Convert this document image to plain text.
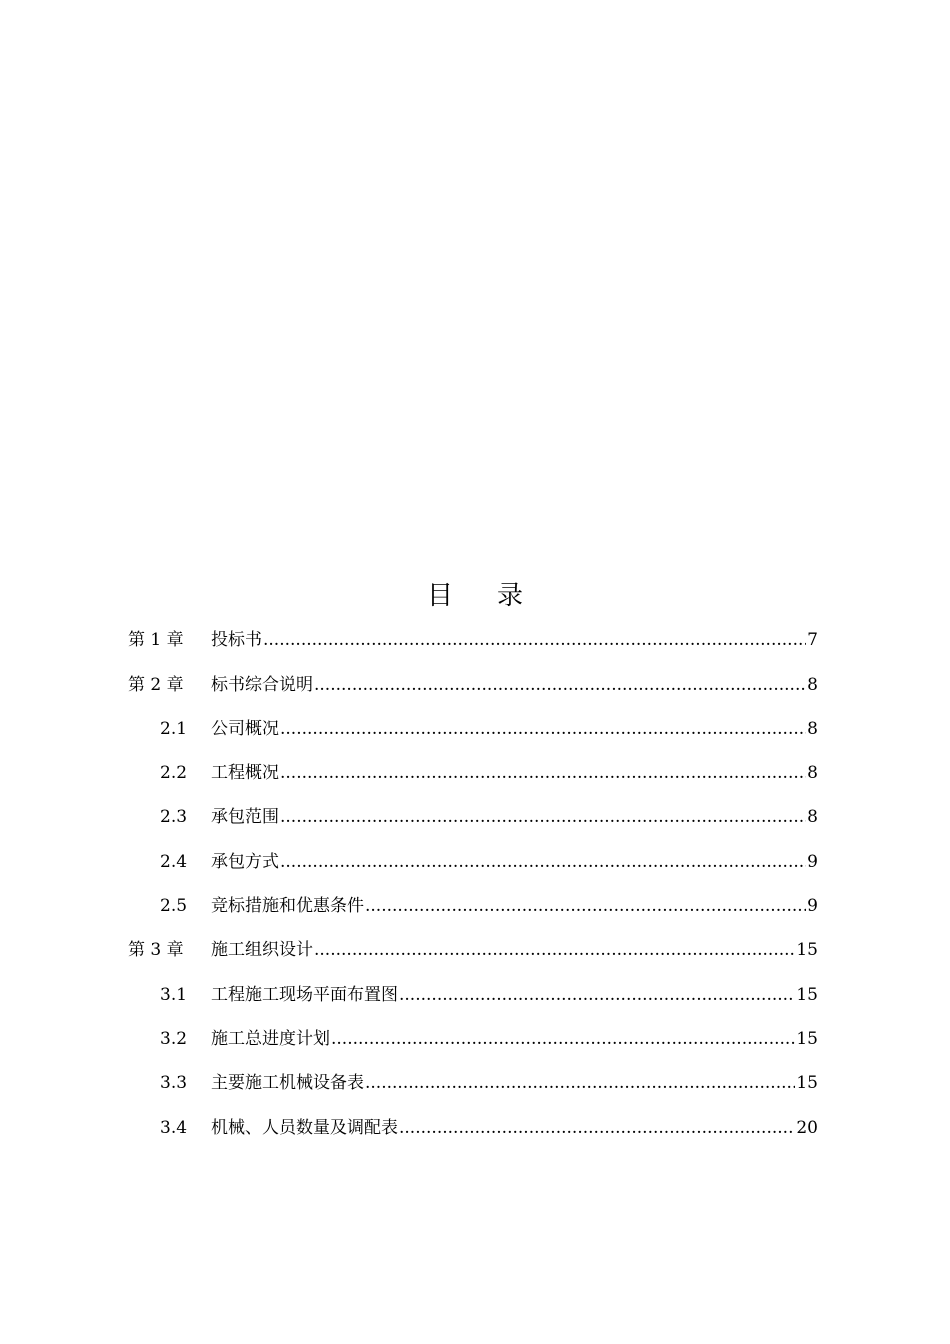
目录
第 1 章 投标书 .....	7
第 2 章 标书综合说明 .....	8
2.1 公司概况 .....	8
2.2 工程概况 .....	8
2.3 承包范围 .....	8
2.4 承包方式 .....	9
2.5 竞标措施和优惠条件 .....	9
第 3 章 施工组织设计 .....	15
3.1 工程施工现场平面布置图 .....	15
3.2 施工总进度计划 .....	15
3.3 主要施工机械设备表 .....	15
3.4 机械、人员数量及调配表 .....	20
